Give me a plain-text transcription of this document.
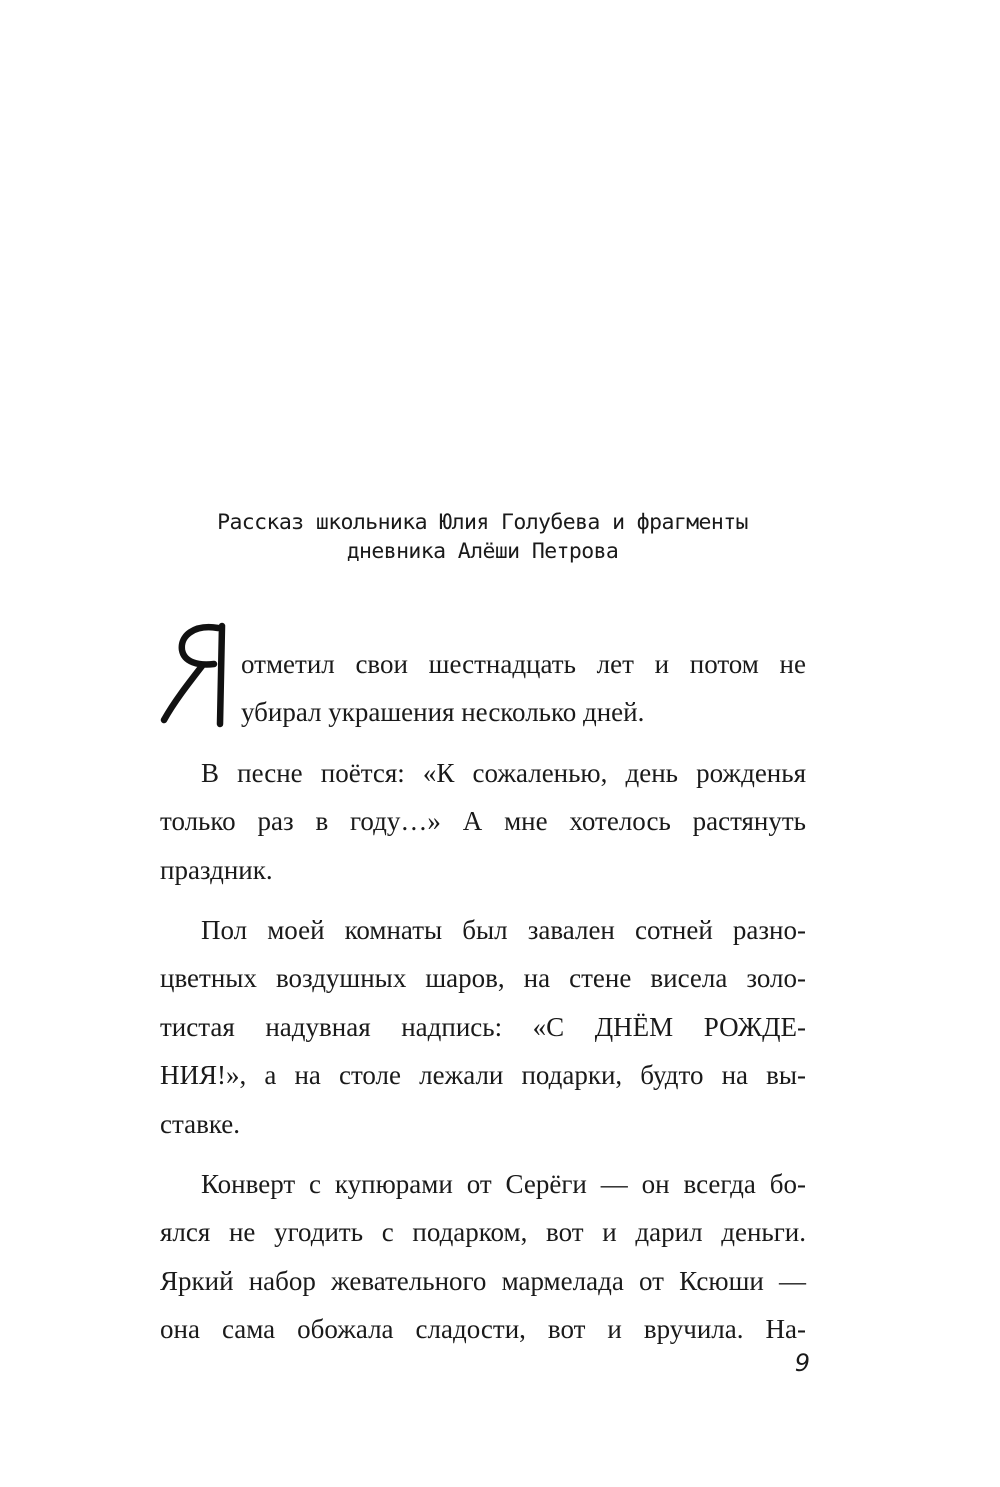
Рассказ школьника Юлия Голубева и фрагменты
дневника Алёши Петрова
отметил свои шестнадцать лет и потом не
убирал украшения несколько дней.
В песне поётся: «К сожаленью, день рожденья
только раз в году…» А мне хотелось растянуть
праздник.
Пол моей комнаты был завален сотней разно-
цветных воздушных шаров, на стене висела золо-
тистая надувная надпись: «С ДНЁМ РОЖДЕ-
НИЯ!», а на столе лежали подарки, будто на вы-
ставке.
Конверт с купюрами от Серёги — он всегда бо-
ялся не угодить с подарком, вот и дарил деньги.
Яркий набор жевательного мармелада от Ксюши —
она сама обожала сладости, вот и вручила. На-
9
